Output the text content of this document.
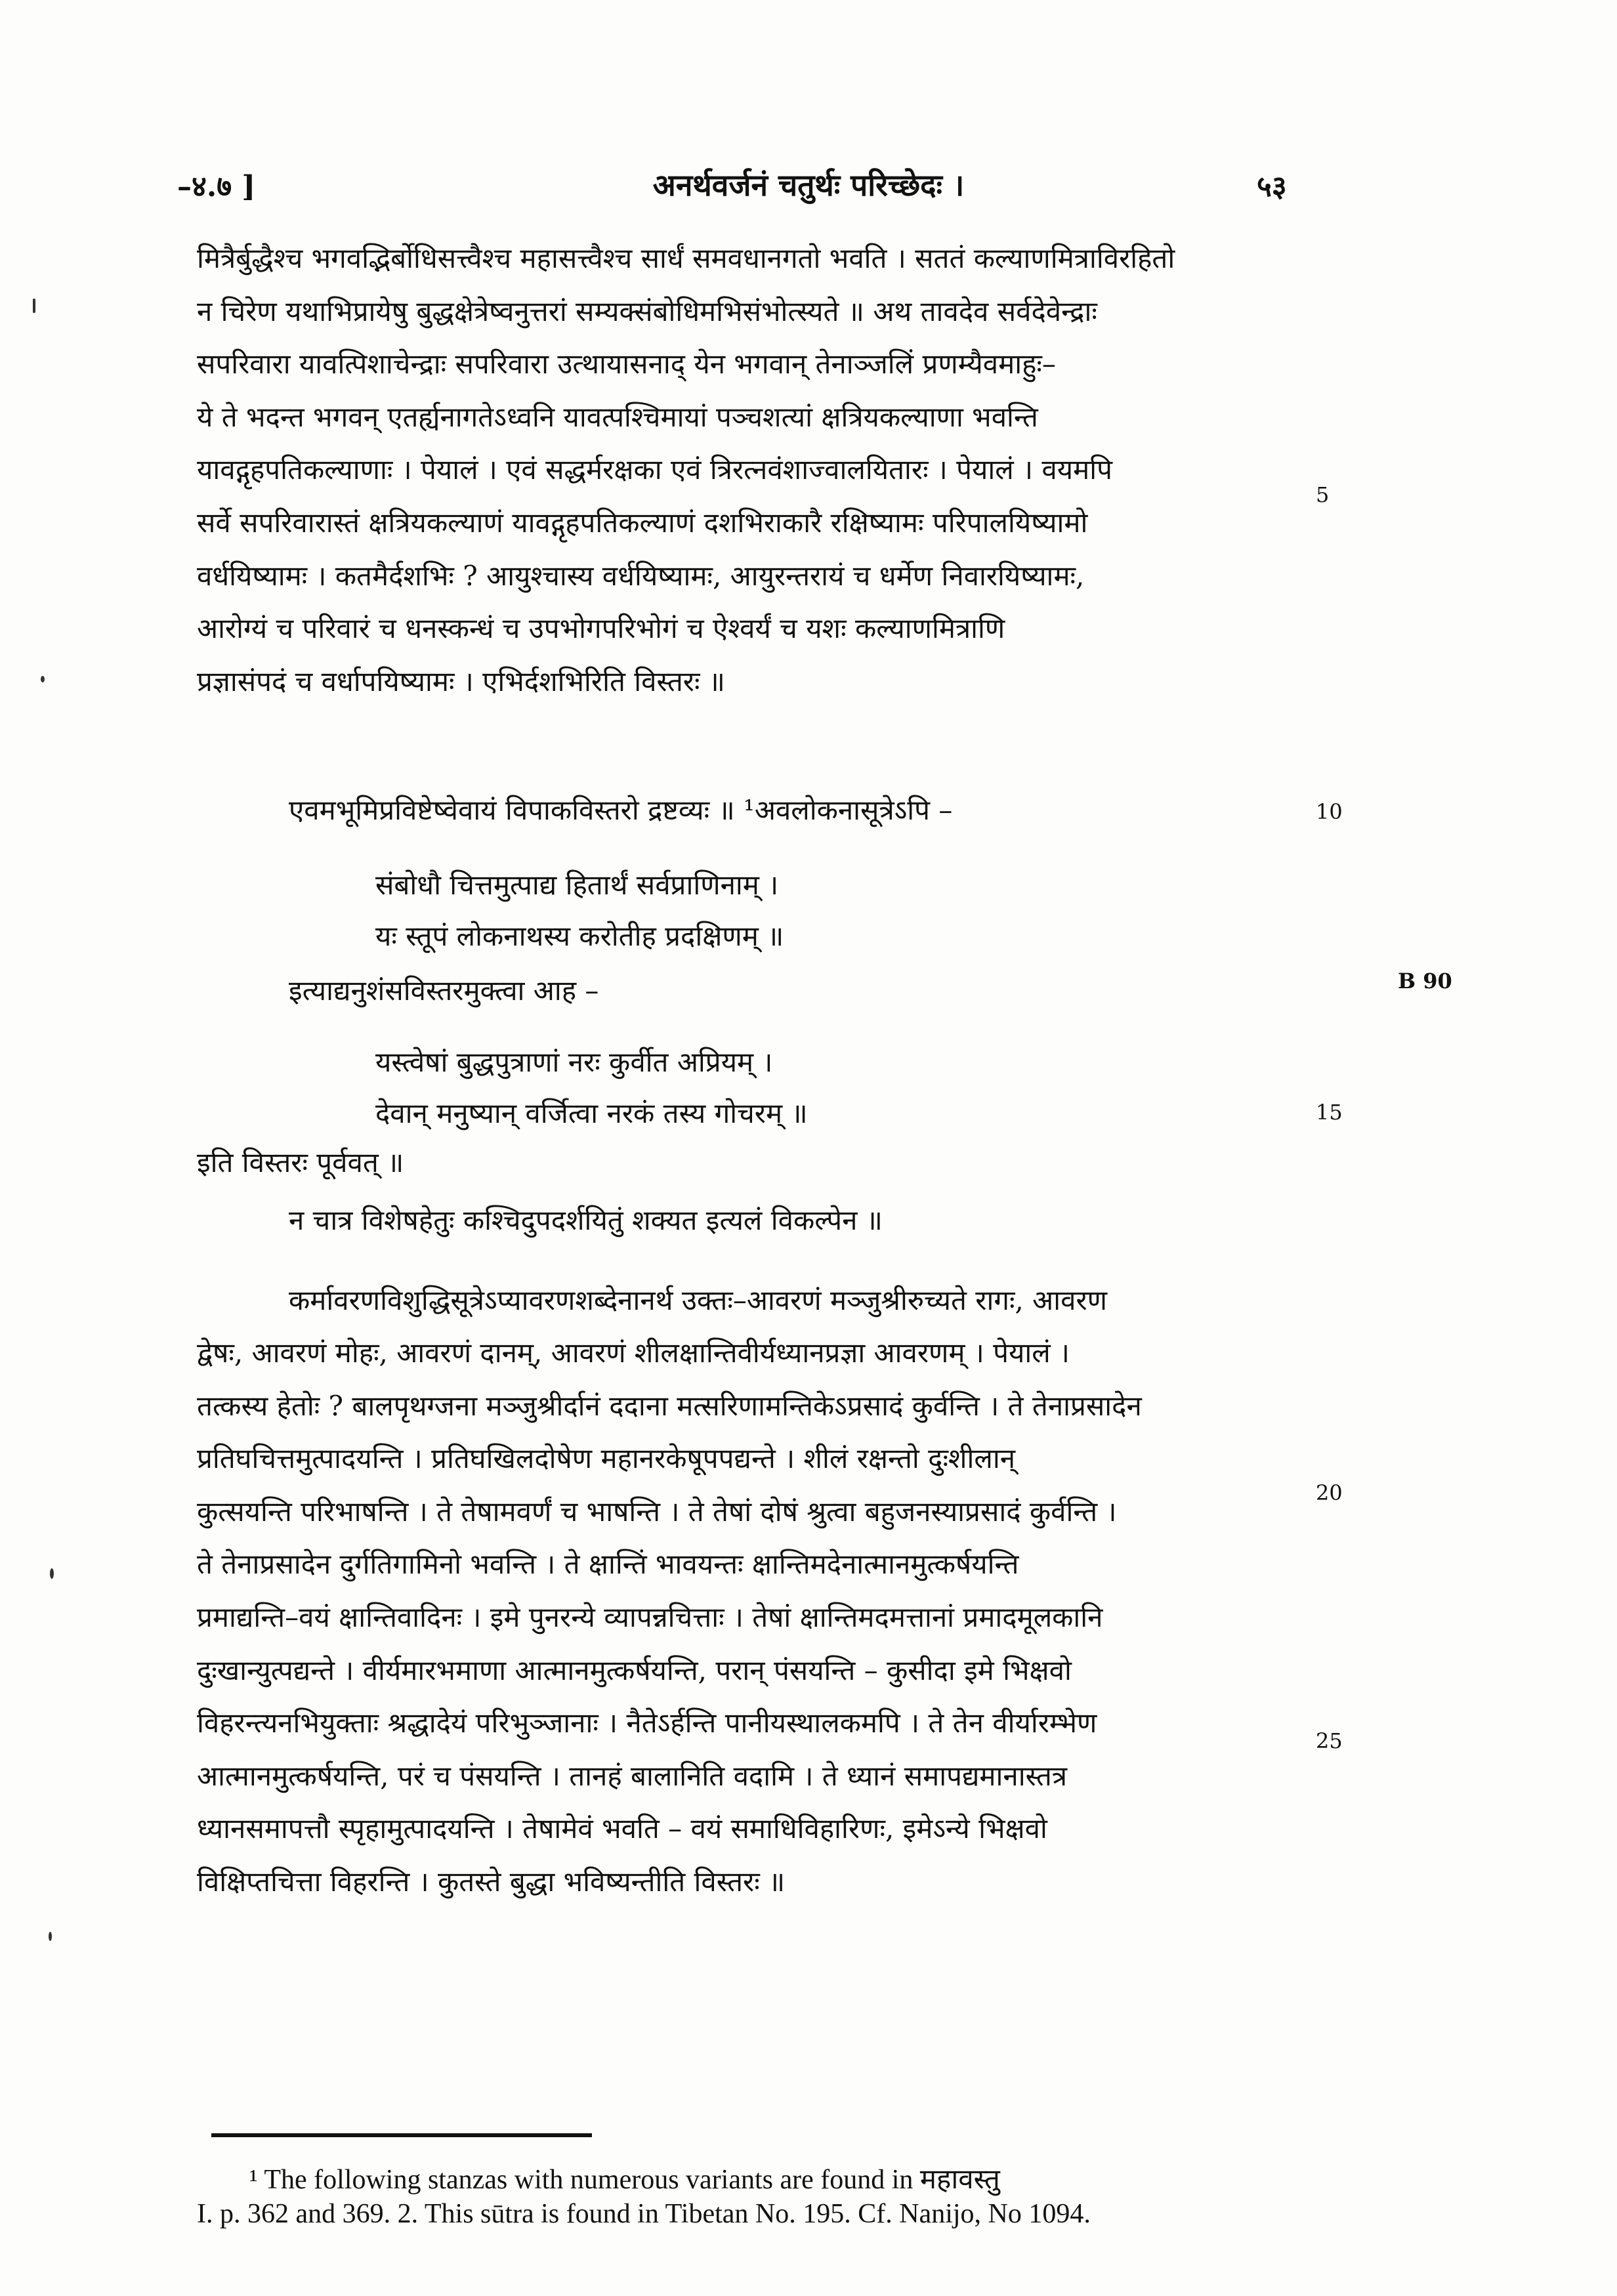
–४.७ ]	अनर्थवर्जनं चतुर्थः परिच्छेदः ।	५३
मित्रैर्बुद्धैश्च भगवद्भिर्बोधिसत्त्वैश्च महासत्त्वैश्च सार्धं समवधानगतो भवति । सततं कल्याणमित्राविरहितो
न चिरेण यथाभिप्रायेषु बुद्धक्षेत्रेष्वनुत्तरां सम्यक्संबोधिमभिसंभोत्स्यते ॥ अथ तावदेव सर्वदेवेन्द्राः
सपरिवारा यावत्पिशाचेन्द्राः सपरिवारा उत्थायासनाद् येन भगवान् तेनाञ्जलिं प्रणम्यैवमाहुः–
ये ते भदन्त भगवन् एतर्ह्यनागतेऽध्वनि यावत्पश्चिमायां पञ्चशत्यां क्षत्रियकल्याणा भवन्ति
यावद्गृहपतिकल्याणाः । पेयालं । एवं सद्धर्मरक्षका एवं त्रिरत्नवंशाज्वालयितारः । पेयालं । वयमपि
सर्वे सपरिवारास्तं क्षत्रियकल्याणं यावद्गृहपतिकल्याणं दशभिराकारै रक्षिष्यामः परिपालयिष्यामो
वर्धयिष्यामः । कतमैर्दशभिः ? आयुश्चास्य वर्धयिष्यामः, आयुरन्तरायं च धर्मेण निवारयिष्यामः,
आरोग्यं च परिवारं च धनस्कन्धं च उपभोगपरिभोगं च ऐश्वर्यं च यशः कल्याणमित्राणि
प्रज्ञासंपदं च वर्धापयिष्यामः । एभिर्दशभिरिति विस्तरः ॥
5
10
15
20
25
B 90
एवमभूमिप्रविष्टेष्वेवायं विपाकविस्तरो द्रष्टव्यः ॥ ¹अवलोकनासूत्रेऽपि –
संबोधौ चित्तमुत्पाद्य हितार्थं सर्वप्राणिनाम् ।
यः स्तूपं लोकनाथस्य करोतीह प्रदक्षिणम् ॥
इत्याद्यनुशंसविस्तरमुक्त्वा आह –
यस्त्वेषां बुद्धपुत्राणां नरः कुर्वीत अप्रियम् ।
देवान् मनुष्यान् वर्जित्वा नरकं तस्य गोचरम् ॥
इति विस्तरः पूर्ववत् ॥
न चात्र विशेषहेतुः कश्चिदुपदर्शयितुं शक्यत इत्यलं विकल्पेन ॥
कर्मावरणविशुद्धिसूत्रेऽप्यावरणशब्देनानर्थ उक्तः–आवरणं मञ्जुश्रीरुच्यते रागः, आवरण
द्वेषः, आवरणं मोहः, आवरणं दानम्, आवरणं शीलक्षान्तिवीर्यध्यानप्रज्ञा आवरणम् । पेयालं ।
तत्कस्य हेतोः ? बालपृथग्जना मञ्जुश्रीर्दानं ददाना मत्सरिणामन्तिकेऽप्रसादं कुर्वन्ति । ते तेनाप्रसादेन
प्रतिघचित्तमुत्पादयन्ति । प्रतिघखिलदोषेण महानरकेषूपपद्यन्ते । शीलं रक्षन्तो दुःशीलान्
कुत्सयन्ति परिभाषन्ति । ते तेषामवर्णं च भाषन्ति । ते तेषां दोषं श्रुत्वा बहुजनस्याप्रसादं कुर्वन्ति ।
ते तेनाप्रसादेन दुर्गतिगामिनो भवन्ति । ते क्षान्तिं भावयन्तः क्षान्तिमदेनात्मानमुत्कर्षयन्ति
प्रमाद्यन्ति–वयं क्षान्तिवादिनः । इमे पुनरन्ये व्यापन्नचित्ताः । तेषां क्षान्तिमदमत्तानां प्रमादमूलकानि
दुःखान्युत्पद्यन्ते । वीर्यमारभमाणा आत्मानमुत्कर्षयन्ति, परान् पंसयन्ति – कुसीदा इमे भिक्षवो
विहरन्त्यनभियुक्ताः श्रद्धादेयं परिभुञ्जानाः । नैतेऽर्हन्ति पानीयस्थालकमपि । ते तेन वीर्यारम्भेण
आत्मानमुत्कर्षयन्ति, परं च पंसयन्ति । तानहं बालानिति वदामि । ते ध्यानं समापद्यमानास्तत्र
ध्यानसमापत्तौ स्पृहामुत्पादयन्ति । तेषामेवं भवति – वयं समाधिविहारिणः, इमेऽन्ये भिक्षवो
विक्षिप्तचित्ता विहरन्ति । कुतस्ते बुद्धा भविष्यन्तीति विस्तरः ॥
¹ The following stanzas with numerous variants are found in महावस्तु
I. p. 362 and 369. 2. This sūtra is found in Tibetan No. 195. Cf. Nanijo, No 1094.
